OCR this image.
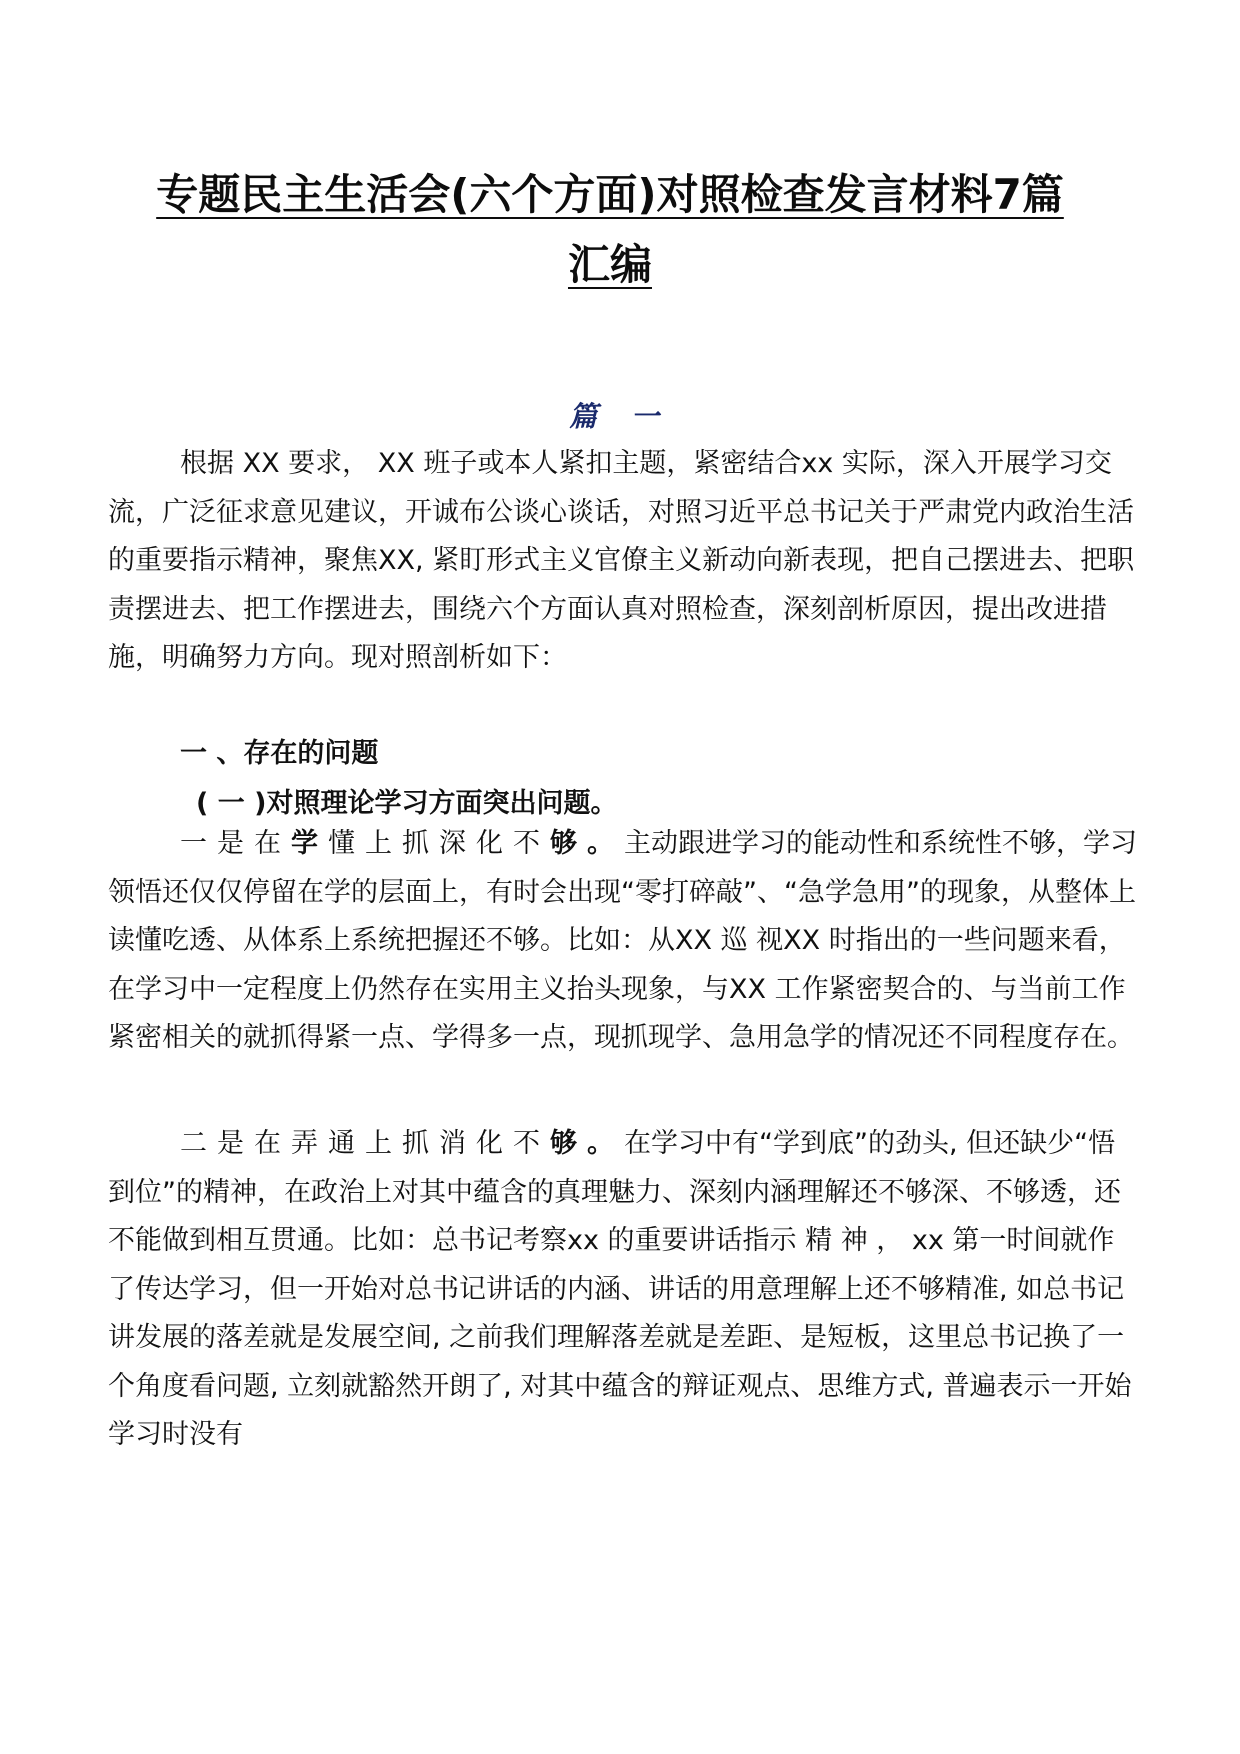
专题民主生活会(六个方面)对照检查发言材料7篇
汇编
篇 一

根据 XX 要求， XX 班子或本人紧扣主题，紧密结合xx 实际，深入开展学习交流，广泛征求意见建议，开诚布公谈心谈话，对照习近平总书记关于严肃党内政治生活的重要指示精神，聚焦XX, 紧盯形式主义官僚主义新动向新表现，把自己摆进去、把职责摆进去、把工作摆进去，围绕六个方面认真对照检查，深刻剖析原因，提出改进措施，明确努力方向。现对照剖析如下：

一 、存在的问题

( 一 )对照理论学习方面突出问题。

一是在学懂上抓深化不够。主动跟进学习的能动性和系统性不够，学习领悟还仅仅停留在学的层面上，有时会出现“零打碎敲”、“急学急用”的现象，从整体上读懂吃透、从体系上系统把握还不够。比如：从XX 巡 视XX 时指出的一些问题来看，在学习中一定程度上仍然存在实用主义抬头现象，与XX 工作紧密契合的、与当前工作紧密相关的就抓得紧一点、学得多一点，现抓现学、急用急学的情况还不同程度存在。

二是在弄通上抓消化不够。在学习中有“学到底”的劲头, 但还缺少“悟到位”的精神，在政治上对其中蕴含的真理魅力、深刻内涵理解还不够深、不够透，还不能做到相互贯通。比如：总书记考察xx 的重要讲话指示 精 神 ， xx 第一时间就作了传达学习，但一开始对总书记讲话的内涵、讲话的用意理解上还不够精准, 如总书记讲发展的落差就是发展空间, 之前我们理解落差就是差距、是短板，这里总书记换了一个角度看问题, 立刻就豁然开朗了, 对其中蕴含的辩证观点、思维方式, 普遍表示一开始学习时没有
